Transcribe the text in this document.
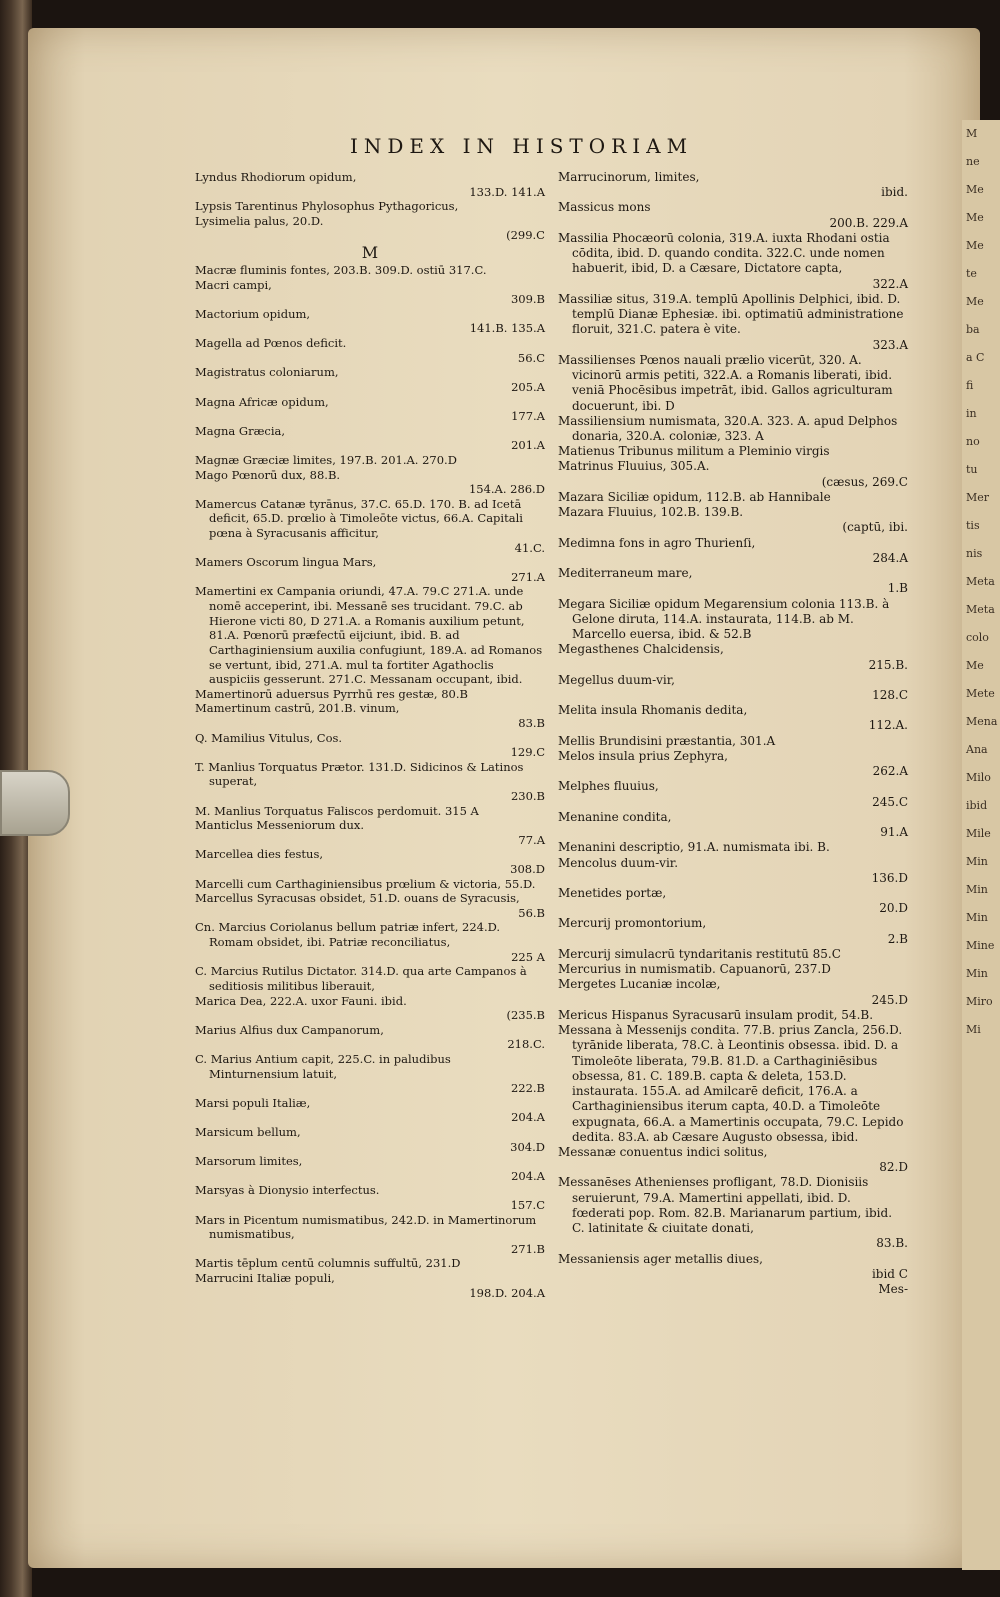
M
ne
Me
Me
Me
te
Me
ba
a C
fi
in
no
tu
Mer
tis
nis
Meta
Meta
colo
Me
Mete
Mena
Ana
Milo
ibid
Mile
Min
Min
Min
Mine
Min
Miro
Mi
INDEX IN HISTORIAM
Lyndus Rhodiorum opidum,
133.D. 141.A
Lypsis Tarentinus Phylosophus Pythagoricus,
Lysimelia palus, 20.D.
(299.C
M
Macræ fluminis fontes, 203.B. 309.D. ostiū 317.C.
Macri campi,
309.B
Mactorium opidum,
141.B. 135.A
Magella ad Pœnos deficit.
56.C
Magistratus coloniarum,
205.A
Magna Africæ opidum,
177.A
Magna Græcia,
201.A
Magnæ Græciæ limites, 197.B. 201.A. 270.D
Mago Pœnorū dux, 88.B.
154.A. 286.D
Mamercus Catanæ tyrānus, 37.C. 65.D. 170. B. ad Icetā deficit, 65.D. prœlio à Timoleōte victus, 66.A. Capitali pœna à Syracusanis afficitur,
41.C.
Mamers Oscorum lingua Mars,
271.A
Mamertini ex Campania oriundi, 47.A. 79.C 271.A. unde nomē acceperint, ibi. Messanē ses trucidant. 79.C. ab Hierone victi 80, D 271.A. a Romanis auxilium petunt, 81.A. Pœnorū præfectū eijciunt, ibid. B. ad Carthaginiensium auxilia confugiunt, 189.A. ad Romanos se vertunt, ibid, 271.A. mul ta fortiter Agathoclis auspiciis gesserunt. 271.C. Messanam occupant, ibid.
Mamertinorū aduersus Pyrrhū res gestæ, 80.B
Mamertinum castrū, 201.B. vinum,
83.B
Q. Mamilius Vitulus, Cos.
129.C
T. Manlius Torquatus Prætor. 131.D. Sidicinos & Latinos superat,
230.B
M. Manlius Torquatus Faliscos perdomuit. 315 A
Manticlus Messeniorum dux.
77.A
Marcellea dies festus,
308.D
Marcelli cum Carthaginiensibus prœlium & victoria, 55.D.
Marcellus Syracusas obsidet, 51.D. ouans de Syracusis,
56.B
Cn. Marcius Coriolanus bellum patriæ infert, 224.D. Romam obsidet, ibi. Patriæ reconciliatus,
225 A
C. Marcius Rutilus Dictator. 314.D. qua arte Campanos à seditiosis militibus liberauit,
Marica Dea, 222.A. uxor Fauni. ibid.
(235.B
Marius Alfius dux Campanorum,
218.C.
C. Marius Antium capit, 225.C. in paludibus Minturnensium latuit,
222.B
Marsi populi Italiæ,
204.A
Marsicum bellum,
304.D
Marsorum limites,
204.A
Marsyas à Dionysio interfectus.
157.C
Mars in Picentum numismatibus, 242.D. in Mamertinorum numismatibus,
271.B
Martis tēplum centū columnis suffultū, 231.D
Marrucini Italiæ populi,
198.D. 204.A
Marrucinorum, limites,
ibid.
Massicus mons
200.B. 229.A
Massilia Phocæorū colonia, 319.A. iuxta Rhodani ostia cōdita, ibid. D. quando condita. 322.C. unde nomen habuerit, ibid, D. a Cæsare, Dictatore capta,
322.A
Massiliæ situs, 319.A. templū Apollinis Delphici, ibid. D. templū Dianæ Ephesiæ. ibi. optimatiū administratione floruit, 321.C. patera è vite.
323.A
Massilienses Pœnos nauali prælio vicerūt, 320. A. vicinorū armis petiti, 322.A. a Romanis liberati, ibid. veniā Phocēsibus impetrāt, ibid. Gallos agriculturam docuerunt, ibi. D
Massiliensium numismata, 320.A. 323. A. apud Delphos donaria, 320.A. coloniæ, 323. A
Matienus Tribunus militum a Pleminio virgis
Matrinus Fluuius, 305.A.
(cæsus, 269.C
Mazara Siciliæ opidum, 112.B. ab Hannibale
Mazara Fluuius, 102.B. 139.B.
(captū, ibi.
Medimna fons in agro Thurienſi,
284.A
Mediterraneum mare,
1.B
Megara Siciliæ opidum Megarensium colonia 113.B. à Gelone diruta, 114.A. instaurata, 114.B. ab M. Marcello euersa, ibid. & 52.B
Megasthenes Chalcidensis,
215.B.
Megellus duum-vir,
128.C
Melita insula Rhomanis dedita,
112.A.
Mellis Brundisini præstantia, 301.A
Melos insula prius Zephyra,
262.A
Melphes fluuius,
245.C
Menanine condita,
91.A
Menanini descriptio, 91.A. numismata ibi. B.
Mencolus duum-vir.
136.D
Menetides portæ,
20.D
Mercurij promontorium,
2.B
Mercurij simulacrū tyndaritanis restitutū 85.C
Mercurius in numismatib. Capuanorū, 237.D
Mergetes Lucaniæ incolæ,
245.D
Mericus Hispanus Syracusarū insulam prodit, 54.B.
Messana à Messenijs condita. 77.B. prius Zancla, 256.D. tyrānide liberata, 78.C. à Leontinis obsessa. ibid. D. a Timoleōte liberata, 79.B. 81.D. a Carthaginiēsibus obsessa, 81. C. 189.B. capta & deleta, 153.D. instaurata. 155.A. ad Amilcarē deficit, 176.A. a Carthaginiensibus iterum capta, 40.D. a Timoleōte expugnata, 66.A. a Mamertinis occupata, 79.C. Lepido dedita. 83.A. ab Cæsare Augusto obsessa, ibid.
Messanæ conuentus indici solitus,
82.D
Messanēses Athenienses profligant, 78.D. Dionisiis seruierunt, 79.A. Mamertini appellati, ibid. D. fœderati pop. Rom. 82.B. Marianarum partium, ibid. C. latinitate & ciuitate donati,
83.B.
Messaniensis ager metallis diues,
ibid C
Mes-
